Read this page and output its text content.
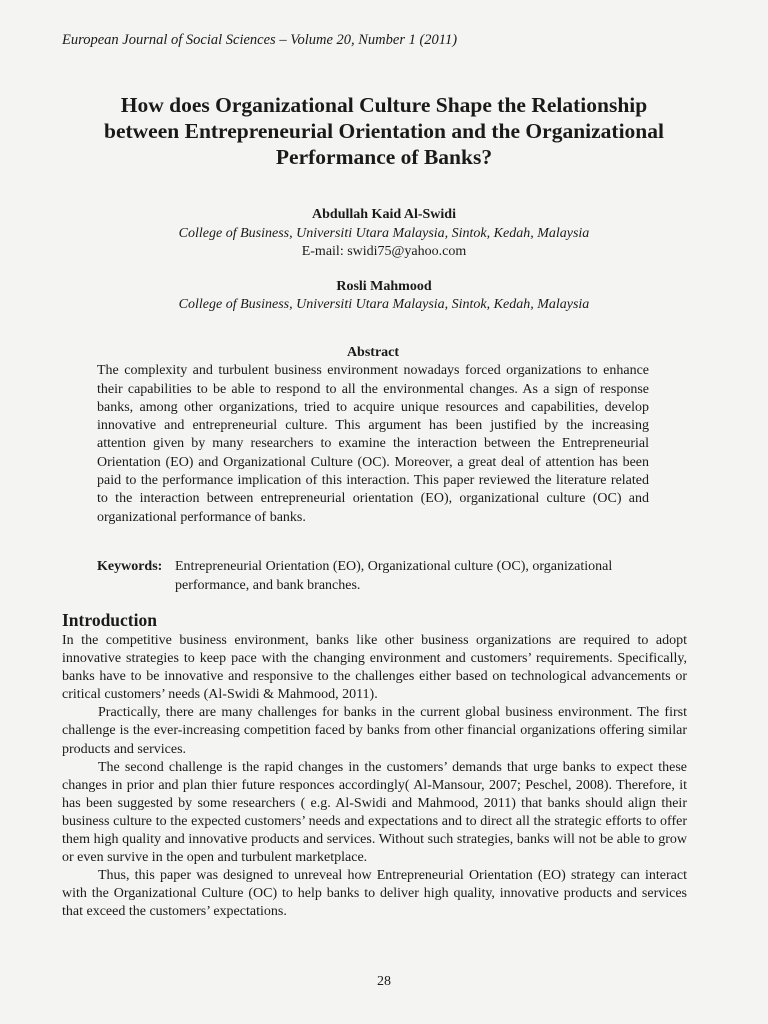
European Journal of Social Sciences – Volume 20, Number 1 (2011)
How does Organizational Culture Shape the Relationship
between Entrepreneurial Orientation and the Organizational
Performance of Banks?
Abdullah Kaid Al-Swidi
College of Business, Universiti Utara Malaysia, Sintok, Kedah, Malaysia
E-mail: swidi75@yahoo.com
Rosli Mahmood
College of Business, Universiti Utara Malaysia, Sintok, Kedah, Malaysia
Abstract
The complexity and turbulent business environment nowadays forced organizations to enhance their capabilities to be able to respond to all the environmental changes. As a sign of response banks, among other organizations, tried to acquire unique resources and capabilities, develop innovative and entrepreneurial culture. This argument has been justified by the increasing attention given by many researchers to examine the interaction between the Entrepreneurial Orientation (EO) and Organizational Culture (OC). Moreover, a great deal of attention has been paid to the performance implication of this interaction. This paper reviewed the literature related to the interaction between entrepreneurial orientation (EO), organizational culture (OC) and organizational performance of banks.
Keywords: Entrepreneurial Orientation (EO), Organizational culture (OC), organizational performance, and bank branches.
Introduction

In the competitive business environment, banks like other business organizations are required to adopt innovative strategies to keep pace with the changing environment and customers’ requirements. Specifically, banks have to be innovative and responsive to the challenges either based on technological advancements or critical customers’ needs (Al-Swidi & Mahmood, 2011).

Practically, there are many challenges for banks in the current global business environment. The first challenge is the ever-increasing competition faced by banks from other financial organizations offering similar products and services.

The second challenge is the rapid changes in the customers’ demands that urge banks to expect these changes in prior and plan thier future responces accordingly( Al-Mansour, 2007; Peschel, 2008). Therefore, it has been suggested by some researchers ( e.g. Al-Swidi and Mahmood, 2011) that banks should align their business culture to the expected customers’ needs and expectations and to direct all the strategic efforts to offer them high quality and innovative products and services. Without such strategies, banks will not be able to grow or even survive in the open and turbulent marketplace.

Thus, this paper was designed to unreveal how Entrepreneurial Orientation (EO) strategy can interact with the Organizational Culture (OC) to help banks to deliver high quality, innovative products and services that exceed the customers’ expectations.

28
